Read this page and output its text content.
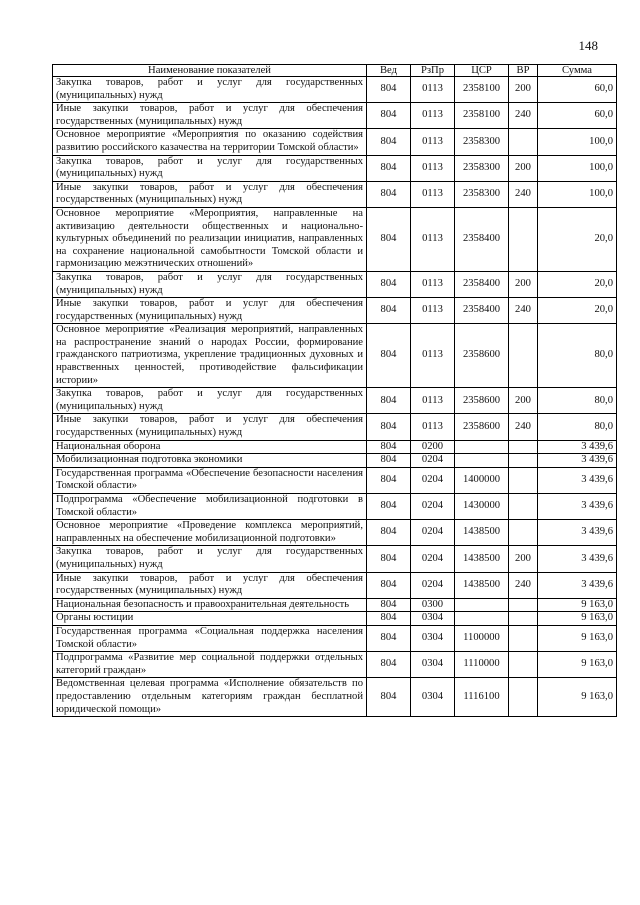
148
Наименование показателей	Вед	РзПр	ЦСР	ВР	Сумма
Закупка товаров, работ и услуг для государственных (муниципальных) нужд	804	0113	2358100	200	60,0
Иные закупки товаров, работ и услуг для обеспечения государственных (муниципальных) нужд	804	0113	2358100	240	60,0
Основное мероприятие «Мероприятия по оказанию содействия развитию российского казачества на территории Томской области»	804	0113	2358300		100,0
Закупка товаров, работ и услуг для государственных (муниципальных) нужд	804	0113	2358300	200	100,0
Иные закупки товаров, работ и услуг для обеспечения государственных (муниципальных) нужд	804	0113	2358300	240	100,0
Основное мероприятие «Мероприятия, направленные на активизацию деятельности общественных и национально-культурных объединений по реализации инициатив, направленных на сохранение национальной самобытности Томской области и гармонизацию межэтнических отношений»	804	0113	2358400		20,0
Закупка товаров, работ и услуг для государственных (муниципальных) нужд	804	0113	2358400	200	20,0
Иные закупки товаров, работ и услуг для обеспечения государственных (муниципальных) нужд	804	0113	2358400	240	20,0
Основное мероприятие «Реализация мероприятий, направленных на распространение знаний о народах России, формирование гражданского патриотизма, укрепление традиционных духовных и нравственных ценностей, противодействие фальсификации истории»	804	0113	2358600		80,0
Закупка товаров, работ и услуг для государственных (муниципальных) нужд	804	0113	2358600	200	80,0
Иные закупки товаров, работ и услуг для обеспечения государственных (муниципальных) нужд	804	0113	2358600	240	80,0
Национальная оборона	804	0200			3 439,6
Мобилизационная подготовка экономики	804	0204			3 439,6
Государственная программа «Обеспечение безопасности населения Томской области»	804	0204	1400000		3 439,6
Подпрограмма «Обеспечение мобилизационной подготовки в Томской области»	804	0204	1430000		3 439,6
Основное мероприятие «Проведение комплекса мероприятий, направленных на обеспечение мобилизационной подготовки»	804	0204	1438500		3 439,6
Закупка товаров, работ и услуг для государственных (муниципальных) нужд	804	0204	1438500	200	3 439,6
Иные закупки товаров, работ и услуг для обеспечения государственных (муниципальных) нужд	804	0204	1438500	240	3 439,6
Национальная безопасность и правоохранительная деятельность	804	0300			9 163,0
Органы юстиции	804	0304			9 163,0
Государственная программа «Социальная поддержка населения Томской области»	804	0304	1100000		9 163,0
Подпрограмма «Развитие мер социальной поддержки отдельных категорий граждан»	804	0304	1110000		9 163,0
Ведомственная целевая программа «Исполнение обязательств по предоставлению отдельным категориям граждан бесплатной юридической помощи»	804	0304	1116100		9 163,0
